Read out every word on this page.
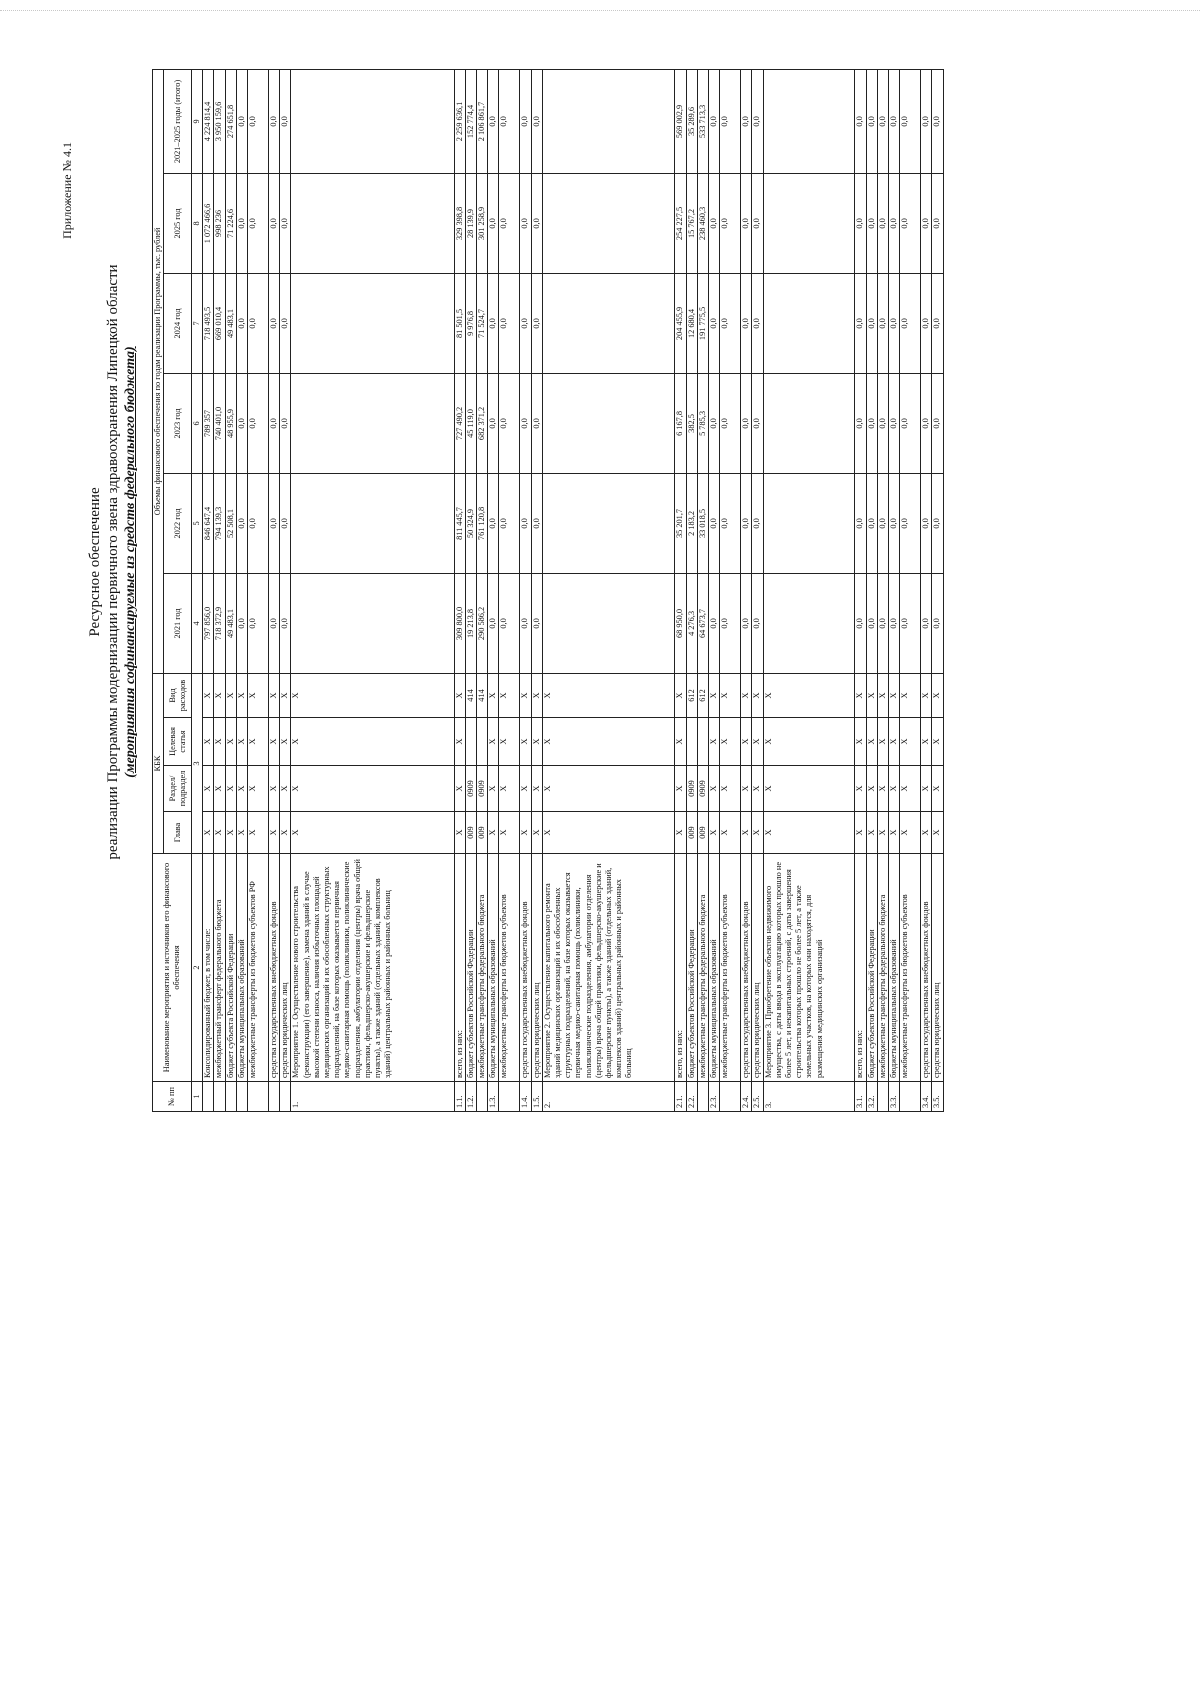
Приложение № 4.1
Ресурсное обеспечение реализации Программы модернизации первичного звена здравоохранения Липецкой области (мероприятия софинансируемые из средств федерального бюджета)
№ пп	Наименование мероприятия и источников его финансового обеспечения	КБК				Объемы финансового обеспечения по годам реализации Программы, тыс. рублей					
		Глава	Раздел/ подраздел	Целевая статья	Вид расходов	2021 год	2022 год	2023 год	2024 год	2025 год	2021–2025 годы (итого)

1	2	3				4	5	6	7	8	9
	Консолидированный бюджет, в том числе:	Х	Х	Х	Х	797 856,0	846 647,4	789 357	718 493,5	1 072 466,6	4 224 814,4
	межбюджетный трансферт федерального бюджета	Х	Х	Х	Х	718 372,9	794 139,3	740 401,0	669 010,4	998 236	3 950 159,6
	бюджет субъекта Российской Федерации	Х	Х	Х	Х	49 483,1	52 508,1	48 955,9	49 483,1	71 224,6	274 651,8
	бюджеты муниципальных образований	Х	Х	Х	Х	0,0	0,0	0,0	0,0	0,0	0,0
	межбюджетные трансферты из бюджетов субъектов РФ	Х	Х	Х	Х	0,0	0,0	0,0	0,0	0,0	0,0
	средства государственных внебюджетных фондов	Х	Х	Х	Х	0,0	0,0	0,0	0,0	0,0	0,0
	средства юридических лиц	Х	Х	Х	Х	0,0	0,0	0,0	0,0	0,0	0,0
1.	Мероприятие 1. Осуществление нового строительства (реконструкции) (его завершение), замена зданий в случае высокой степени износа, наличия избыточных площадей медицинских организаций и их обособленных структурных подразделений, на базе которых оказывается первичная медико-санитарная помощь (поликлиники, поликлинические подразделения, амбулатории отделения (центры) врача общей практики, фельдшерско-акушерские и фельдшерские пункты), а также зданий (отдельных зданий, комплексов зданий) центральных районных и районных больниц	Х	Х	Х	Х						
1.1.	всего, из них:	Х	Х	Х	Х	309 800,0	811 445,7	727 490,2	81 501,5	329 398,8	2 259 636,1
1.2.	бюджет субъектов Российской Федерации	009	0909		414	19 213,8	50 324,9	45 119,0	9 976,8	28 139,9	152 774,4
	межбюджетные трансферты федерального бюджета	009	0909		414	290 586,2	761 120,8	682 371,2	71 524,7	301 258,9	2 106 861,7
1.3.	бюджеты муниципальных образований	Х	Х	Х	Х	0,0	0,0	0,0	0,0	0,0	0,0
	межбюджетные трансферты из бюджетов субъектов	Х	Х	Х	Х	0,0	0,0	0,0	0,0	0,0	0,0
1.4.	средства государственных внебюджетных фондов	Х	Х	Х	Х	0,0	0,0	0,0	0,0	0,0	0,0
1.5.	средства юридических лиц	Х	Х	Х	Х	0,0	0,0	0,0	0,0	0,0	0,0
2.	Мероприятие 2. Осуществление капитального ремонта зданий медицинских организаций и их обособленных структурных подразделений, на базе которых оказывается первичная медико-санитарная помощь (поликлиники, поликлинические подразделения, амбулатории отделения (центры) врача общей практики, фельдшерско-акушерские и фельдшерские пункты), а также зданий (отдельных зданий, комплексов зданий) центральных районных и районных больниц	Х	Х	Х	Х						
2.1.	всего, из них:	Х	Х	Х	Х	68 950,0	35 201,7	6 167,8	204 455,9	254 227,5	569 002,9
2.2.	бюджет субъектов Российской Федерации	009	0909		612	4 276,3	2 183,2	382,5	12 680,4	15 767,2	35 289,6
	межбюджетные трансферты федерального бюджета	009	0909		612	64 673,7	33 018,5	5 785,3	191 775,5	238 460,3	533 713,3
2.3.	бюджеты муниципальных образований	Х	Х	Х	Х	0,0	0,0	0,0	0,0	0,0	0,0
	межбюджетные трансферты из бюджетов субъектов	Х	Х	Х	Х	0,0	0,0	0,0	0,0	0,0	0,0
2.4.	средства государственных внебюджетных фондов	Х	Х	Х	Х	0,0	0,0	0,0	0,0	0,0	0,0
2.5.	средства юридических лиц	Х	Х	Х	Х	0,0	0,0	0,0	0,0	0,0	0,0
3.	Мероприятие 3. Приобретение объектов недвижимого имущества, с даты ввода в эксплуатацию которых прошло не более 5 лет, и некапитальных строений, с даты завершения строительства которых прошло не более 5 лет, а также земельных участков, на которых они находятся, для размещения медицинских организаций	Х	Х	Х	Х						
3.1.	всего, из них:	Х	Х	Х	Х	0,0	0,0	0,0	0,0	0,0	0,0
3.2.	бюджет субъектов Российской Федерации	Х	Х	Х	Х	0,0	0,0	0,0	0,0	0,0	0,0
	межбюджетные трансферты федерального бюджета	Х	Х	Х	Х	0,0	0,0	0,0	0,0	0,0	0,0
3.3.	бюджеты муниципальных образований	Х	Х	Х	Х	0,0	0,0	0,0	0,0	0,0	0,0
	межбюджетные трансферты из бюджетов субъектов	Х	Х	Х	Х	0,0	0,0	0,0	0,0	0,0	0,0
3.4.	средства государственных внебюджетных фондов	Х	Х	Х	Х	0,0	0,0	0,0	0,0	0,0	0,0
3.5.	средства юридических лиц	Х	Х	Х	Х	0,0	0,0	0,0	0,0	0,0	0,0
